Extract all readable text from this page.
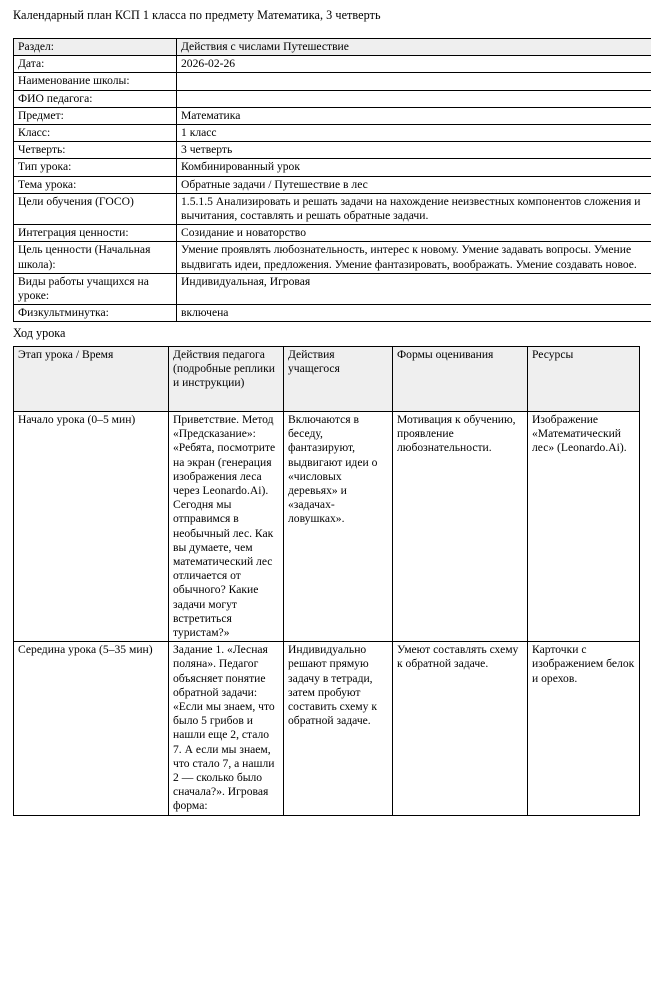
Календарный план КСП 1 класса по предмету Математика, 3 четверть
Раздел:	Действия с числами Путешествие
Дата:	2026-02-26
Наименование школы:	
ФИО педагога:	
Предмет:	Математика
Класс:	1 класс
Четверть:	3 четверть
Тип урока:	Комбинированный урок
Тема урока:	Обратные задачи / Путешествие в лес
Цели обучения (ГОСО)	1.5.1.5 Анализировать и решать задачи на нахождение неизвестных компонентов сложения и вычитания, составлять и решать обратные задачи.
Интеграция ценности:	Созидание и новаторство
Цель ценности (Начальная школа):	Умение проявлять любознательность, интерес к новому. Умение задавать вопросы. Умение выдвигать идеи, предложения. Умение фантазировать, воображать. Умение создавать новое.
Виды работы учащихся на уроке:	Индивидуальная, Игровая
Физкультминутка:	включена
Ход урока
Этап урока / Время	Действия педагога (подробные реплики и инструкции)	Действия учащегося	Формы оценивания	Ресурсы
Начало урока (0–5 мин)	Приветствие. Метод «Предсказание»: «Ребята, посмотрите на экран (генерация изображения леса через Leonardo.Ai). Сегодня мы отправимся в необычный лес. Как вы думаете, чем математический лес отличается от обычного? Какие задачи могут встретиться туристам?»	Включаются в беседу, фантазируют, выдвигают идеи о «числовых деревьях» и «задачах-ловушках».	Мотивация к обучению, проявление любознательности.	Изображение «Математический лес» (Leonardo.Ai).
Середина урока (5–35 мин)	Задание 1. «Лесная поляна». Педагог объясняет понятие обратной задачи: «Если мы знаем, что было 5 грибов и нашли еще 2, стало 7. А если мы знаем, что стало 7, а нашли 2 — сколько было сначала?». Игровая форма:	Индивидуально решают прямую задачу в тетради, затем пробуют составить схему к обратной задаче.	Умеют составлять схему к обратной задаче.	Карточки с изображением белок и орехов.
